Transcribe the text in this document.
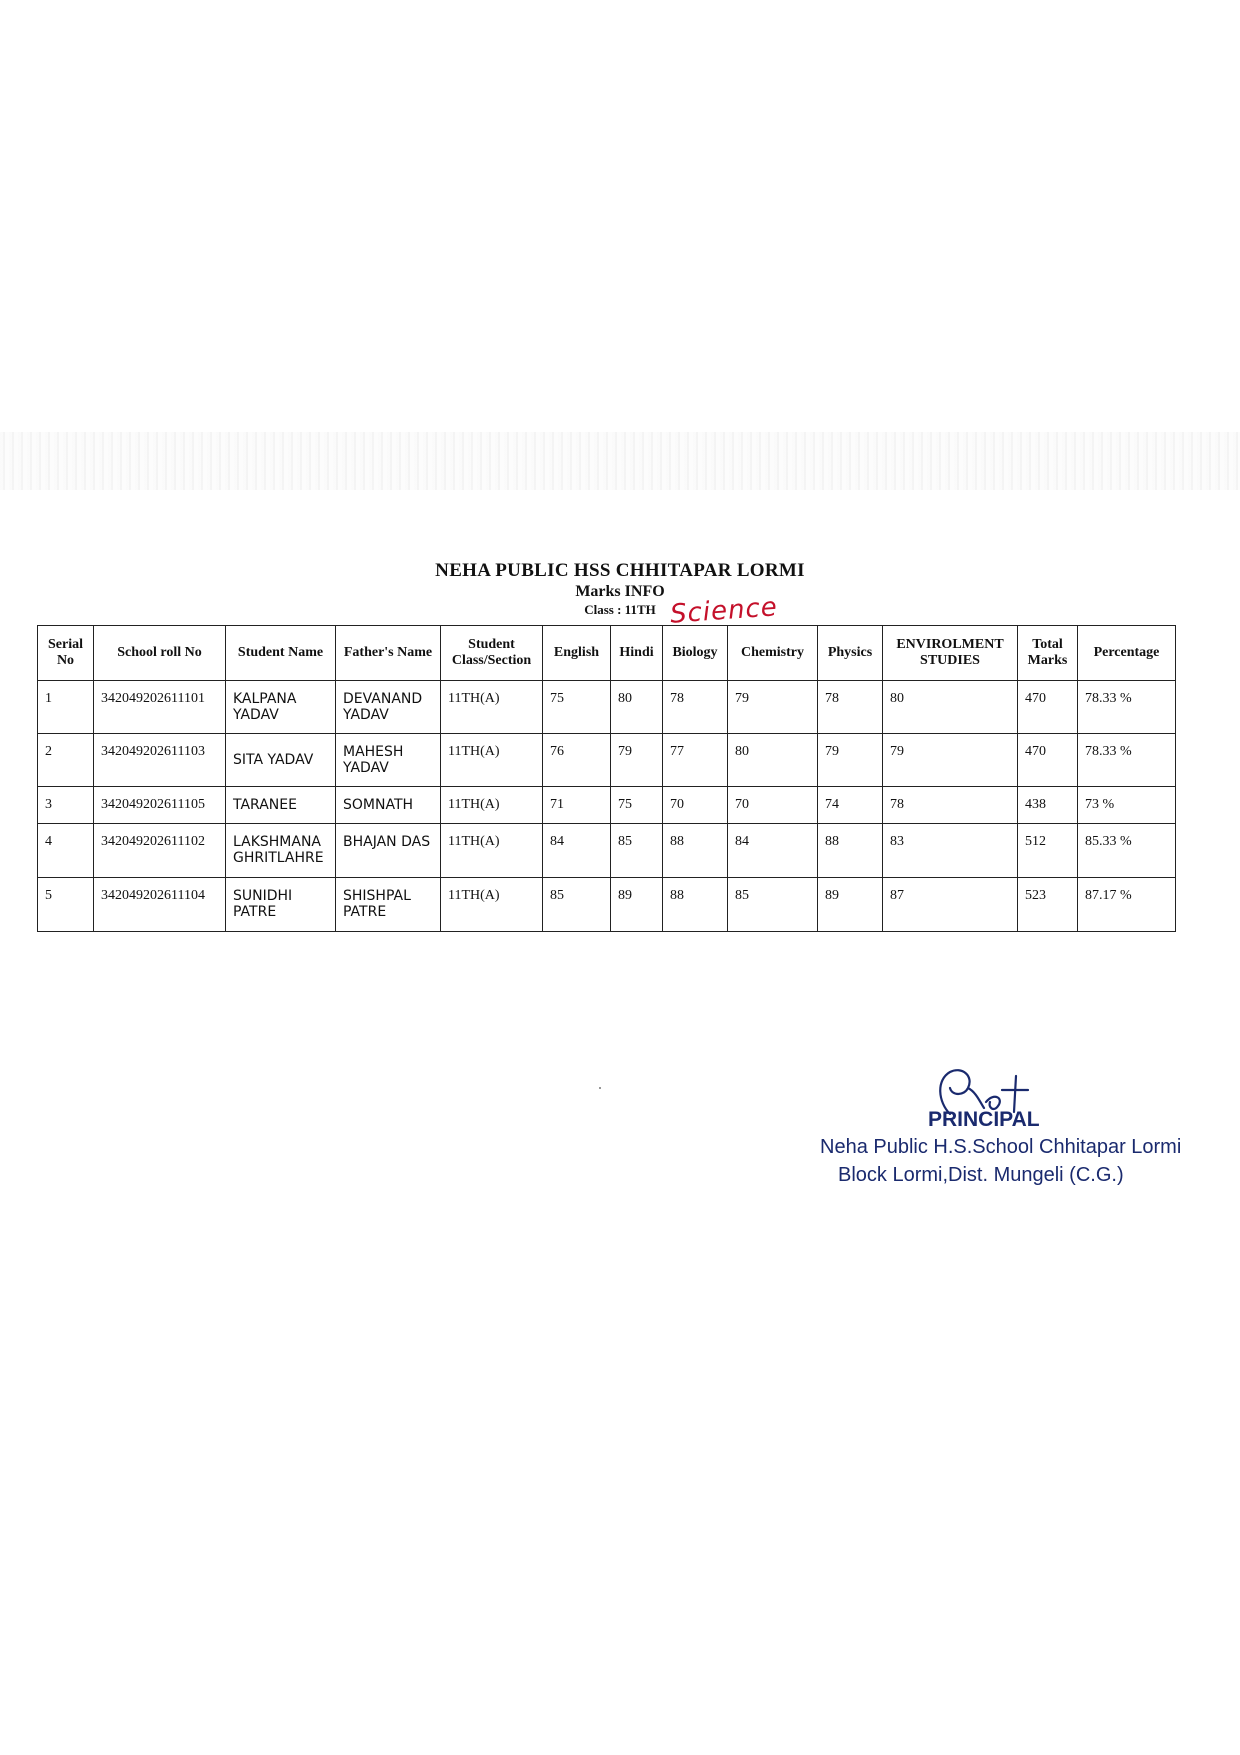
NEHA PUBLIC HSS CHHITAPAR LORMI
Marks INFO
Class : 11TH Science
Serial No	School roll No	Student Name	Father's Name	Student Class/Section	English	Hindi	Biology	Chemistry	Physics	ENVIROLMENT STUDIES	Total Marks	Percentage
1	342049202611101	KALPANA YADAV	DEVANAND YADAV	11TH(A)	75	80	78	79	78	80	470	78.33 %
2	342049202611103	SITA YADAV	MAHESH YADAV	11TH(A)	76	79	77	80	79	79	470	78.33 %
3	342049202611105	TARANEE	SOMNATH	11TH(A)	71	75	70	70	74	78	438	73 %
4	342049202611102	LAKSHMANA GHRITLAHRE	BHAJAN DAS	11TH(A)	84	85	88	84	88	83	512	85.33 %
5	342049202611104	SUNIDHI PATRE	SHISHPAL PATRE	11TH(A)	85	89	88	85	89	87	523	87.17 %
PRINCIPAL
Neha Public H.S.School Chhitapar Lormi
Block Lormi,Dist. Mungeli (C.G.)
